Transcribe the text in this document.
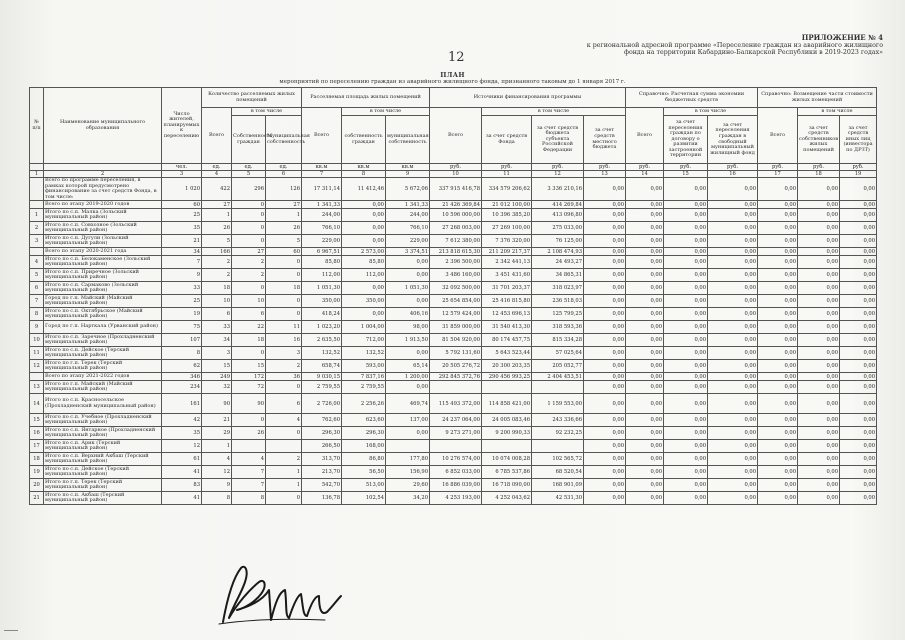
ПРИЛОЖЕНИЕ № 4
к региональной адресной программе «Переселение граждан из аварийного жилищного
фонда на территории Кабардино-Балкарской Республики в 2019-2023 годах»
12
ПЛАН
мероприятий по переселению граждан из аварийного жилищного фонда, признанного таковым до 1 января 2017 г.
№ п/п	Наименование муниципального образования	Число жителей, планируемых к переселению	Количество расселяемых жилых помещений			Расселяемая площадь жилых помещений			Источники финансирования программы				Справочно: Расчетная сумма экономии бюджетных средств			Справочно: Возмещение части стоимости жилых помещений		
			Всего	в том числе		Всего	в том числе		Всего	в том числе			Всего	в том числе		Всего	в том числе	
				Собственность граждан	Муниципальная собственность		собственность граждан	муниципальная собственность		за счет средств Фонда	за счет средств бюджета субъекта Российской Федерации	за счет средств местного бюджета		за счет переселения граждан по договору о развитии застроенной территории	за счет переселения граждан в свободный муниципальный жилищный фонд		за счет средств собственников жилых помещений	за счет средств иных лиц (инвестора по ДРЗТ)
		чел.	ед.	ед.	ед.	кв.м	кв.м	кв.м	руб.	руб.	руб.	руб.	руб.	руб.	руб.	руб.	руб.	руб.
1	2	3	4	5	6	7	8	9	10	11	12	13	14	15	16	17	18	19
	Всего по программе переселения, в рамках которой предусмотрено финансирование за счет средств Фонда, в том числе:	1 020	422	296	126	17 311,14	11 412,46	5 672,06	337 915 416,78	334 579 206,62	3 336 210,16	0,00	0,00	0,00	0,00	0,00	0,00	0,00
	Всего по этапу 2019-2020 годов	60	27	0	27	1 341,33	0,00	1 341,33	21 426 369,84	21 012 100,00	414 269,84	0,00	0,00	0,00	0,00	0,00	0,00	0,00
1	Итого по с.п. Малка (Зольский муниципальный район)	25	1	0	1	244,00	0,00	244,00	10 596 000,00	10 396 385,20	413 096,80	0,00	0,00	0,00	0,00	0,00	0,00	0,00
2	Итого по с.п. Совхозное (Зольский муниципальный район)	35	26	0	26	766,10	0,00	766,10	27 268 003,00	27 269 100,00	275 033,00	0,00	0,00	0,00	0,00	0,00	0,00	0,00
3	Итого по с.п. Дугули (Зольский муниципальный район)	21	5	0	5	229,00	0,00	229,00	7 612 380,00	7 376 320,00	76 125,00	0,00	0,00	0,00	0,00	0,00	0,00	0,00
	Всего по этапу 2020-2021 года	34	166	27	60	6 967,51	2 573,00	3 374,51	213 818 615,30	211 209 217,37	2 108 474,93	0,00	0,00	0,00	0,00	0,00	0,00	0,00
4	Итого по с.п. Белокаменское (Зольский муниципальный район)	7	2	2	0	85,80	85,80	0,00	2 396 500,00	2 342 441,13	24 493,27	0,00	0,00	0,00	0,00	0,00	0,00	0,00
5	Итого по с.п. Приречное (Зольский муниципальный район)	9	2	2	0	112,00	112,00	0,00	3 486 160,00	3 451 431,60	34 865,31	0,00	0,00	0,00	0,00	0,00	0,00	0,00
6	Итого по с.п. Сармаково (Зольский муниципальный район)	33	18	0	18	1 051,30	0,00	1 051,30	32 092 500,00	31 701 203,37	318 023,97	0,00	0,00	0,00	0,00	0,00	0,00	0,00
7	Город по г.п. Майский (Майский муниципальный район)	25	10	10	0	350,00	350,00	0,00	25 654 854,00	25 416 815,80	236 518,03	0,00	0,00	0,00	0,00	0,00	0,00	0,00
8	Итого по с.п. Октябрьское (Майский муниципальный район)	19	6	6	0	418,24	0,00	406,16	12 579 424,00	12 453 696,13	125 799,25	0,00	0,00	0,00	0,00	0,00	0,00	0,00
9	Город по г.п. Нарткала (Урванский район)	75	33	22	11	1 023,20	1 004,00	98,00	31 859 000,00	31 540 413,30	318 593,36	0,00	0,00	0,00	0,00	0,00	0,00	0,00
10	Итого по с.п. Заречное (Прохладненский муниципальный район)	107	34	18	16	2 635,50	712,00	1 913,50	81 504 920,00	80 174 457,75	815 334,28	0,00	0,00	0,00	0,00	0,00	0,00	0,00
11	Итого по с.п. Дейское (Терский муниципальный район)	8	3	0	3	132,52	132,52	0,00	5 792 131,60	5 643 523,44	57 025,64	0,00	0,00	0,00	0,00	0,00	0,00	0,00
12	Итого по г.п. Терек (Терский муниципальный район)	62	15	15	2	658,74	593,00	65,14	20 505 276,72	20 300 203,35	205 052,77	0,00	0,00	0,00	0,00	0,00	0,00	0,00
	Всего по этапу 2021-2022 годов	346	249	172	36	9 030,15	7 837,16	1 200,00	292 845 372,76	290 456 993,25	2 404 453,51	0,00	0,00	0,00	0,00	0,00	0,00	0,00
13	Итого по г.п. Майский (Майский муниципальный район)	234	32	72	0	2 759,55	2 759,55	0,00				0,00	0,00	0,00	0,00	0,00	0,00	0,00
14	Итого по с.п. Красносельское (Прохладненский муниципальный район)	161	90	90	6	2 726,00	2 256,26	469,74	115 493 372,00	114 858 421,00	1 159 553,00	0,00	0,00	0,00	0,00	0,00	0,00	0,00
15	Итого по с.п. Учебное (Прохладненский муниципальный район)	42	21	0	4	762,60	623,60	137,00	24 237 064,00	24 005 083,46	243 336,66	0,00	0,00	0,00	0,00	0,00	0,00	0,00
16	Итого по с.п. Янтарное (Прохладненский муниципальный район)	35	29	26	0	296,30	296,30	0,00	9 273 271,00	9 200 990,33	92 232,25	0,00	0,00	0,00	0,00	0,00	0,00	0,00
17	Итого по с.п. Арик (Терский муниципальный район)	12	1			266,50	168,00					0,00	0,00	0,00	0,00	0,00	0,00	0,00
18	Итого по с.п. Верхний Акбаш (Терский муниципальный район)	61	4	4	2	313,70	86,80	177,80	10 276 574,00	10 074 008,28	102 565,72	0,00	0,00	0,00	0,00	0,00	0,00	0,00
19	Итого по с.п. Дейское (Терский муниципальный район)	41	12	7	1	213,70	56,50	156,90	6 852 033,00	6 785 537,86	68 520,54	0,00	0,00	0,00	0,00	0,00	0,00	0,00
20	Итого по г.п. Терек (Терский муниципальный район)	83	9	7	1	542,70	513,00	29,60	16 886 039,00	16 718 090,00	168 901,09	0,00	0,00	0,00	0,00	0,00	0,00	0,00
21	Итого по с.п. Акбаш (Терский муниципальный район)	41	8	8	0	136,78	102,54	34,20	4 253 193,00	4 252 043,62	42 531,30	0,00	0,00	0,00	0,00	0,00	0,00	0,00
